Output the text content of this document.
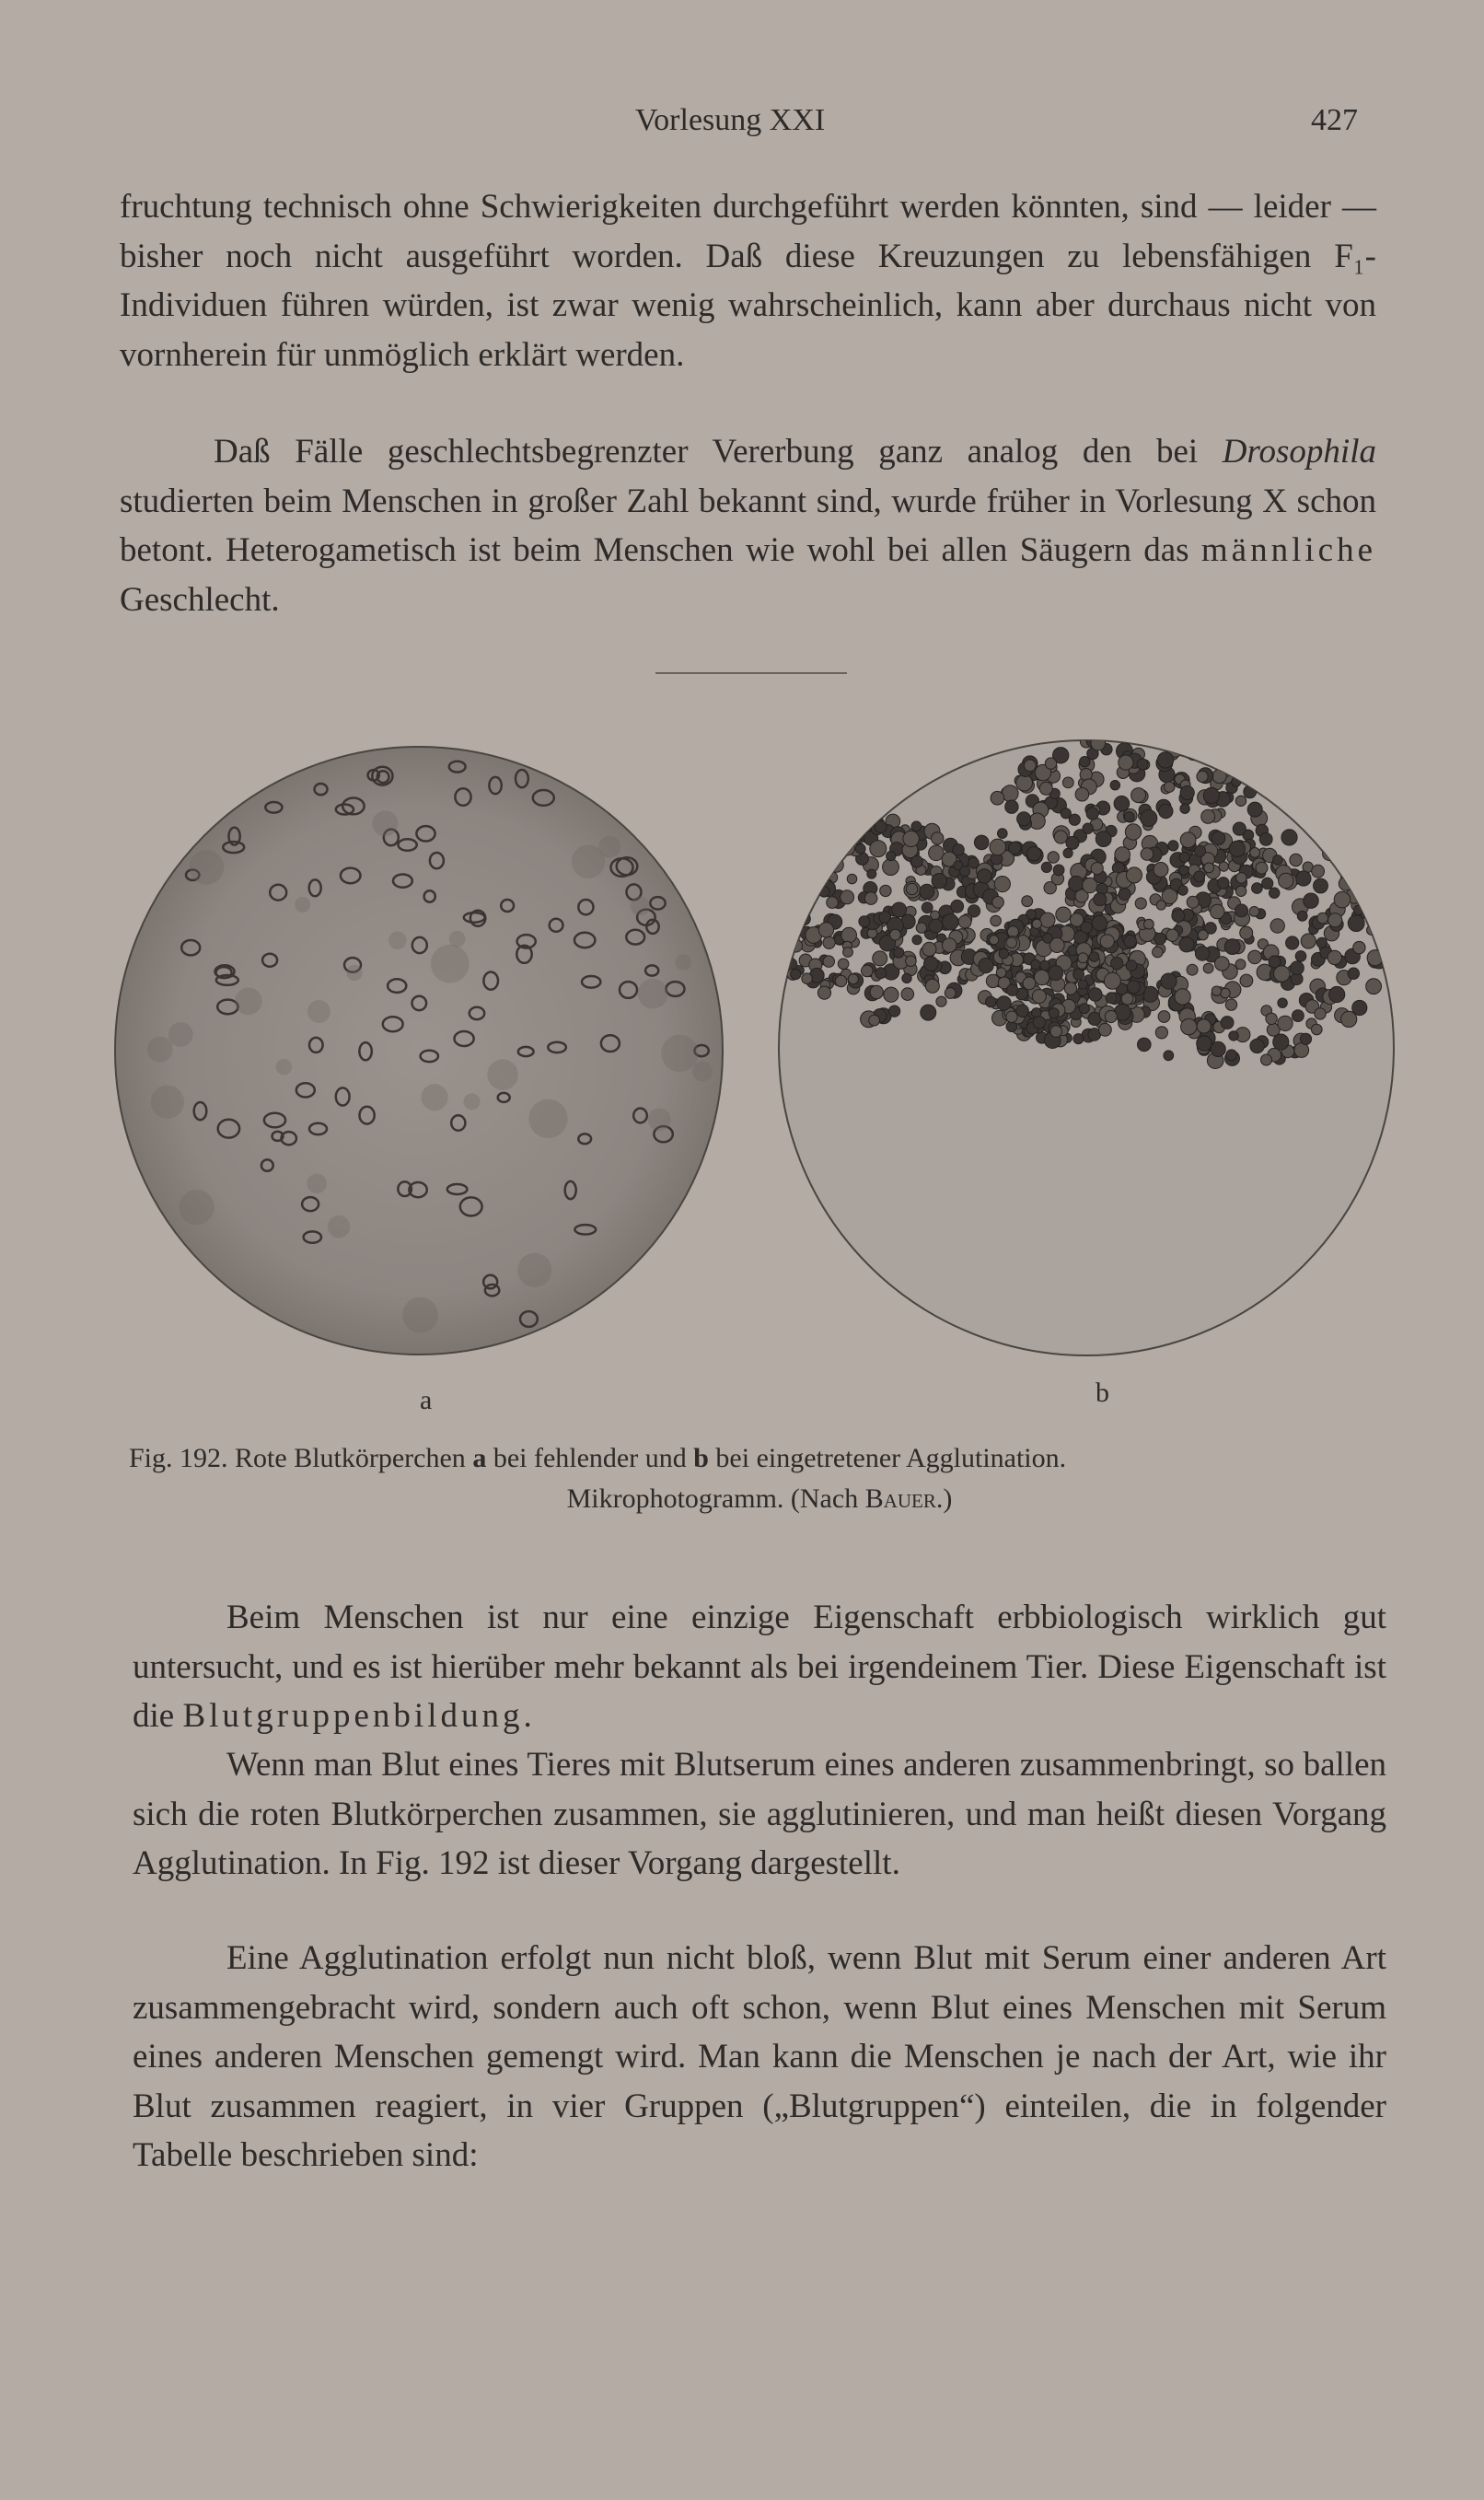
Vorlesung XXI	427

fruchtung technisch ohne Schwierigkeiten durchgeführt werden könnten, sind — leider — bisher noch nicht ausgeführt worden. Daß diese Kreuzungen zu lebensfähigen F₁-Individuen führen würden, ist zwar wenig wahrscheinlich, kann aber durchaus nicht von vornherein für unmöglich erklärt werden.

Daß Fälle geschlechtsbegrenzter Vererbung ganz analog den bei Drosophila studierten beim Menschen in großer Zahl bekannt sind, wurde früher in Vorlesung X schon betont. Heterogametisch ist beim Menschen wie wohl bei allen Säugern das männliche Geschlecht.

a	b

Fig. 192. Rote Blutkörperchen a bei fehlender und b bei eingetretener Agglutination.
Mikrophotogramm. (Nach Bauer.)

Beim Menschen ist nur eine einzige Eigenschaft erbbiologisch wirklich gut untersucht, und es ist hierüber mehr bekannt als bei irgendeinem Tier. Diese Eigenschaft ist die Blutgruppenbildung.

Wenn man Blut eines Tieres mit Blutserum eines anderen zusammenbringt, so ballen sich die roten Blutkörperchen zusammen, sie agglutinieren, und man heißt diesen Vorgang Agglutination. In Fig. 192 ist dieser Vorgang dargestellt.

Eine Agglutination erfolgt nun nicht bloß, wenn Blut mit Serum einer anderen Art zusammengebracht wird, sondern auch oft schon, wenn Blut eines Menschen mit Serum eines anderen Menschen gemengt wird. Man kann die Menschen je nach der Art, wie ihr Blut zusammen reagiert, in vier Gruppen („Blutgruppen“) einteilen, die in folgender Tabelle beschrieben sind:
